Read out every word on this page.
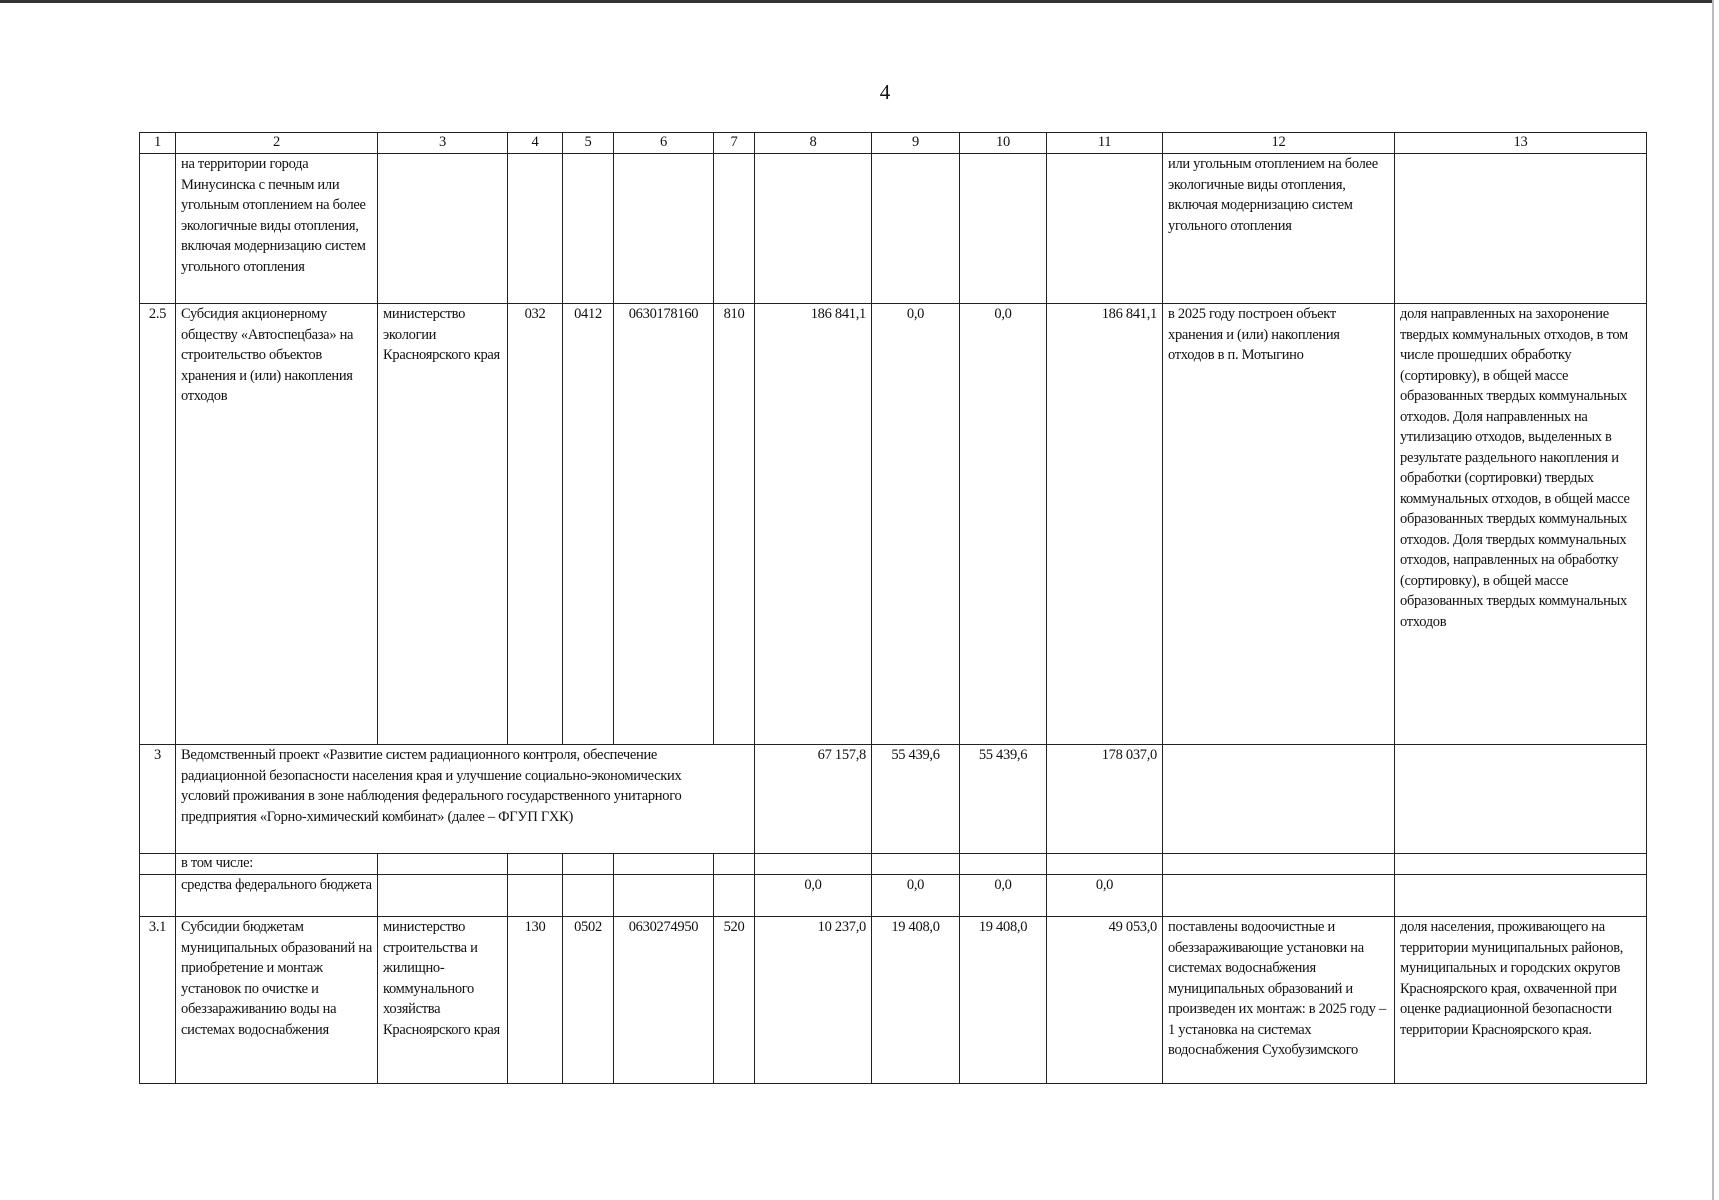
4
1	2	3	4	5	6	7	8	9	10	11	12	13
	на территории города Минусинска с печным или угольным отоплением на более экологичные виды отопления, включая модернизацию систем угольного отопления										или угольным отоплением на более экологичные виды отопления, включая модернизацию систем угольного отопления	
2.5	Субсидия акционерному обществу «Автоспецбаза» на строительство объектов хранения и (или) накопления отходов	министерство экологии Красноярского края	032	0412	0630178160	810	186 841,1	0,0	0,0	186 841,1	в 2025 году построен объект хранения и (или) накопления отходов в п. Мотыгино	доля направленных на захоронение твердых коммунальных отходов, в том числе прошедших обработку (сортировку), в общей массе образованных твердых коммунальных отходов. Доля направленных на утилизацию отходов, выделенных в результате раздельного накопления и обработки (сортировки) твердых коммунальных отходов, в общей массе образованных твердых коммунальных отходов. Доля твердых коммунальных отходов, направленных на обработку (сортировку), в общей массе образованных твердых коммунальных отходов
3	Ведомственный проект «Развитие систем радиационного контроля, обеспечение радиационной безопасности населения края и улучшение социально-экономических условий проживания в зоне наблюдения федерального государственного унитарного предприятия «Горно-химический комбинат» (далее – ФГУП ГХК)						67 157,8	55 439,6	55 439,6	178 037,0		
	в том числе:											
	средства федерального бюджета						0,0	0,0	0,0	0,0		
3.1	Субсидии бюджетам муниципальных образований на приобретение и монтаж установок по очистке и обеззараживанию воды на системах водоснабжения	министерство строительства и жилищно-коммунального хозяйства Красноярского края	130	0502	0630274950	520	10 237,0	19 408,0	19 408,0	49 053,0	поставлены водоочистные и обеззараживающие установки на системах водоснабжения муниципальных образований и произведен их монтаж: в 2025 году – 1 установка на системах водоснабжения Сухобузимского	доля населения, проживающего на территории муниципальных районов, муниципальных и городских округов Красноярского края, охваченной при оценке радиационной безопасности территории Красноярского края.
